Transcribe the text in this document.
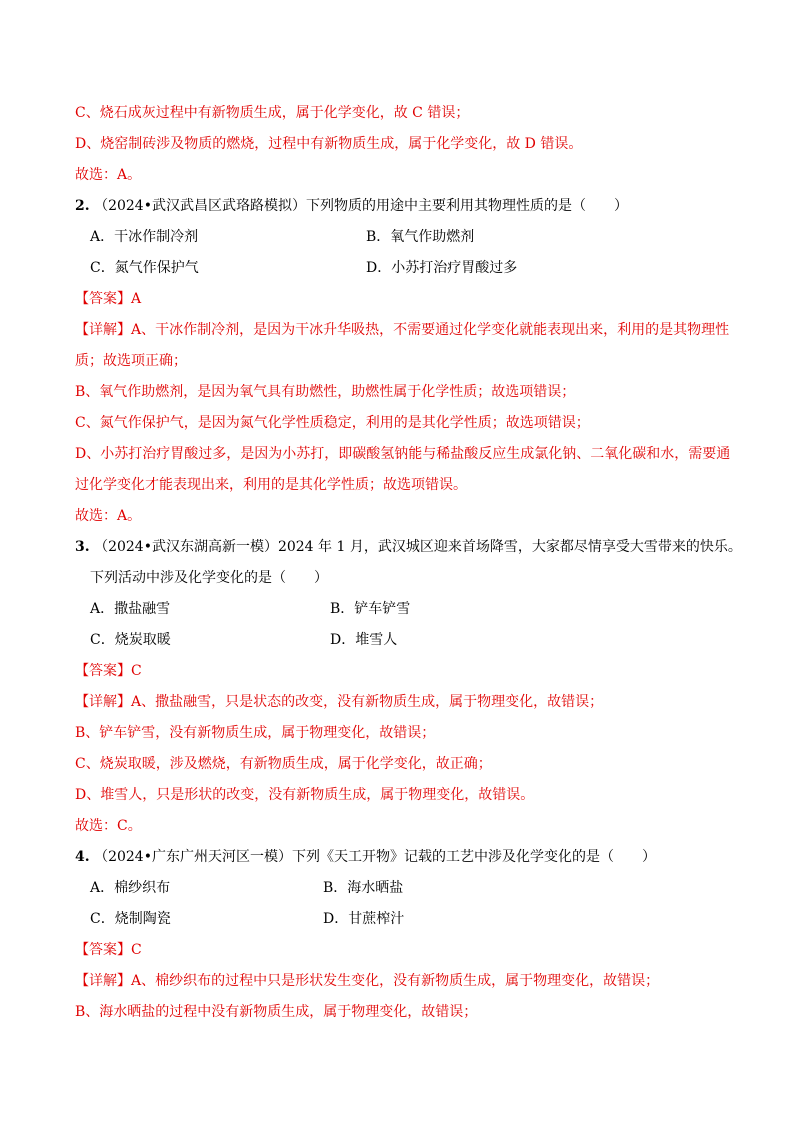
C、烧石成灰过程中有新物质生成，属于化学变化，故 C 错误；
D、烧窑制砖涉及物质的燃烧，过程中有新物质生成，属于化学变化，故 D 错误。
故选：A。
2. （2024•武汉武昌区武珞路模拟）下列物质的用途中主要利用其物理性质的是（　　）
A．干冰作制冷剂	B．氧气作助燃剂
C．氮气作保护气	D．小苏打治疗胃酸过多
【答案】A
【详解】A、干冰作制冷剂，是因为干冰升华吸热，不需要通过化学变化就能表现出来，利用的是其物理性
质；故选项正确；
B、氧气作助燃剂，是因为氧气具有助燃性，助燃性属于化学性质；故选项错误；
C、氮气作保护气，是因为氮气化学性质稳定，利用的是其化学性质；故选项错误；
D、小苏打治疗胃酸过多，是因为小苏打，即碳酸氢钠能与稀盐酸反应生成氯化钠、二氧化碳和水，需要通
过化学变化才能表现出来，利用的是其化学性质；故选项错误。
故选：A。
3. （2024•武汉东湖高新一模）2024 年 1 月，武汉城区迎来首场降雪，大家都尽情享受大雪带来的快乐。
下列活动中涉及化学变化的是（　　）
A．撒盐融雪	B．铲车铲雪
C．烧炭取暖	D．堆雪人
【答案】C
【详解】A、撒盐融雪，只是状态的改变，没有新物质生成，属于物理变化，故错误；
B、铲车铲雪，没有新物质生成，属于物理变化，故错误；
C、烧炭取暖，涉及燃烧，有新物质生成，属于化学变化，故正确；
D、堆雪人，只是形状的改变，没有新物质生成，属于物理变化，故错误。
故选：C。
4. （2024•广东广州天河区一模）下列《天工开物》记载的工艺中涉及化学变化的是（　　）
A．棉纱织布	B．海水晒盐
C．烧制陶瓷	D．甘蔗榨汁
【答案】C
【详解】A、棉纱织布的过程中只是形状发生变化，没有新物质生成，属于物理变化，故错误；
B、海水晒盐的过程中没有新物质生成，属于物理变化，故错误；
